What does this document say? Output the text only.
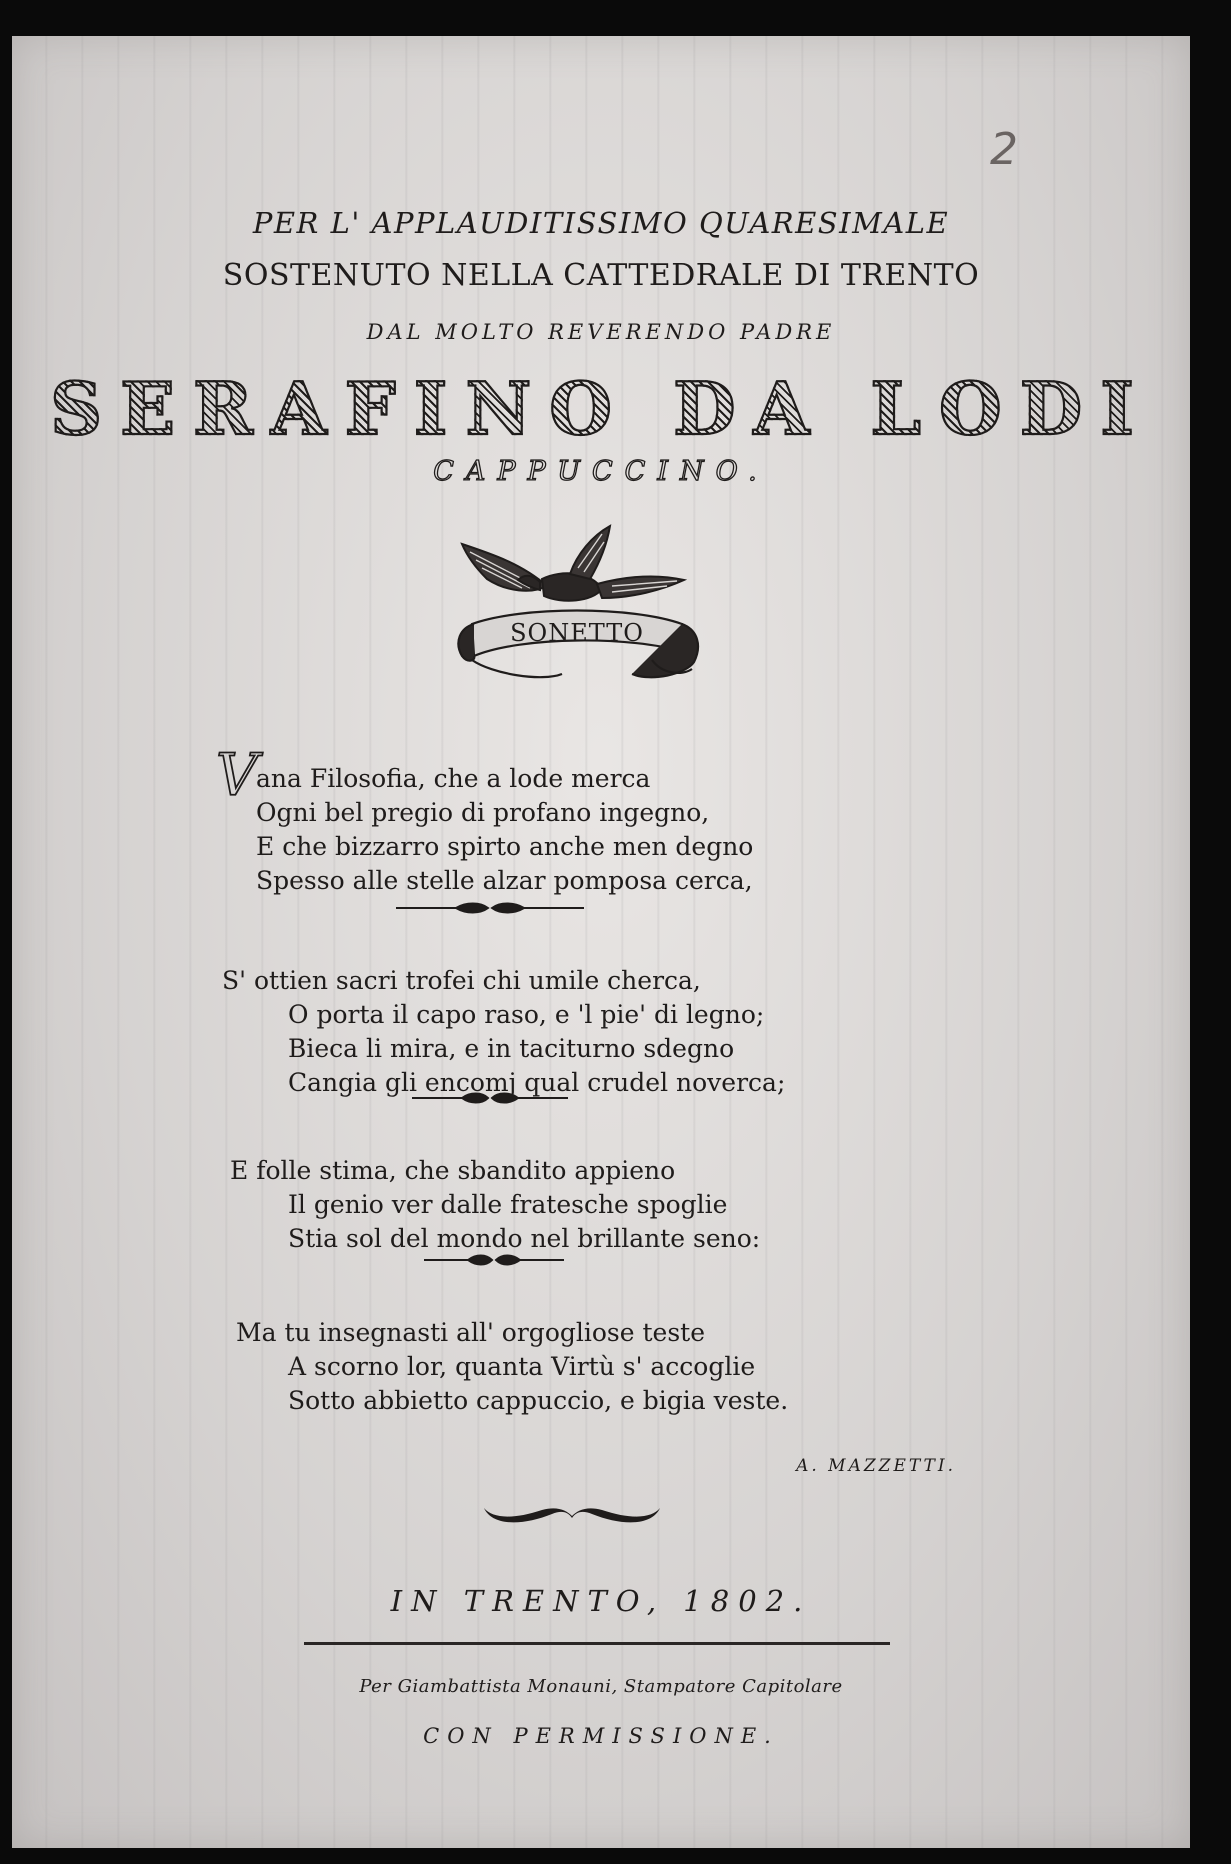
2
PER L' APPLAUDITISSIMO QUARESIMALE
SOSTENUTO NELLA CATTEDRALE DI TRENTO
DAL MOLTO REVERENDO PADRE
SERAFINO DA LODI
CAPPUCCINO.
SONETTO
V
ana Filosofia, che a lode merca
Ogni bel pregio di profano ingegno,
E che bizzarro spirto anche men degno
Spesso alle stelle alzar pomposa cerca,
S' ottien sacri trofei chi umile cherca,
O porta il capo raso, e 'l pie' di legno;
Bieca li mira, e in taciturno sdegno
Cangia gli encomj qual crudel noverca;
E folle stima, che sbandito appieno
Il genio ver dalle fratesche spoglie
Stia sol del mondo nel brillante seno:
Ma tu insegnasti all' orgogliose teste
A scorno lor, quanta Virtù s' accoglie
Sotto abbietto cappuccio, e bigia veste.
A. MAZZETTI.
IN TRENTO, 1802.
Per Giambattista Monauni, Stampatore Capitolare
CON PERMISSIONE.
